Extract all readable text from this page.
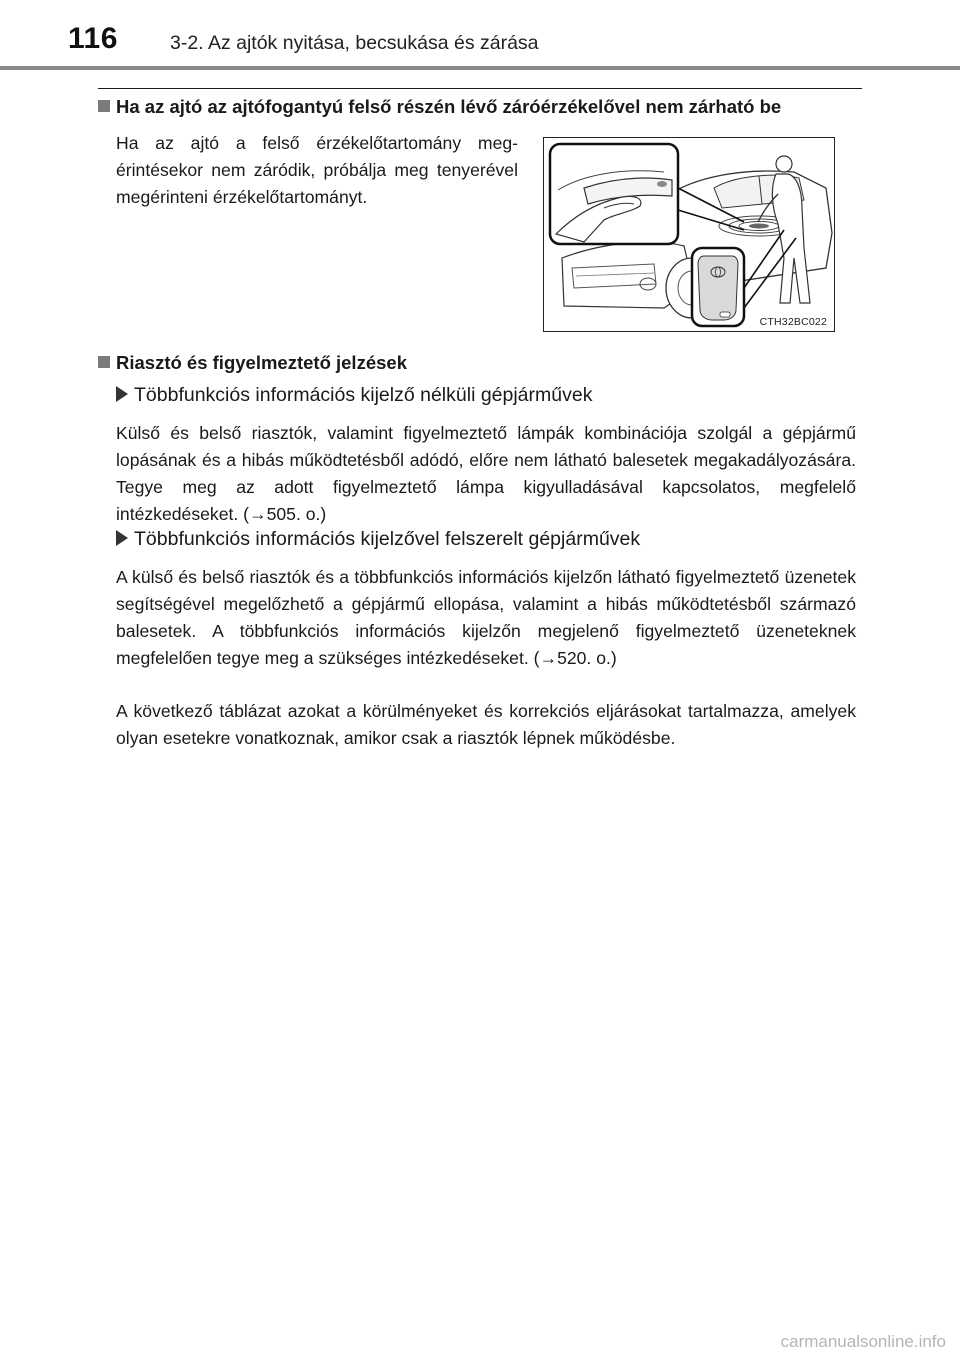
116	3-2. Az ajtók nyitása, becsukása és zárása
Ha az ajtó az ajtófogantyú felső részén lévő záróérzékelővel nem zárható be

Ha az ajtó a felső érzékelőtartomány megérintésekor nem záródik, próbálja meg tenyerével megérinteni érzékelőtartományt.

CTH32BC022
Riasztó és figyelmeztető jelzések
Többfunkciós információs kijelző nélküli gépjárművek

Külső és belső riasztók, valamint figyelmeztető lámpák kombinációja szolgál a gépjármű lopásának és a hibás működtetésből adódó, előre nem látható balesetek megakadályozására. Tegye meg az adott figyelmeztető lámpa kigyulladásával kapcsolatos, megfelelő intézkedéseket. (→505. o.)

Többfunkciós információs kijelzővel felszerelt gépjárművek

A külső és belső riasztók és a többfunkciós információs kijelzőn látható figyelmeztető üzenetek segítségével megelőzhető a gépjármű ellopása, valamint a hibás működtetésből származó balesetek. A többfunkciós információs kijelzőn megjelenő figyelmeztető üzeneteknek megfelelően tegye meg a szükséges intézkedéseket. (→520. o.)

A következő táblázat azokat a körülményeket és korrekciós eljárásokat tartalmazza, amelyek olyan esetekre vonatkoznak, amikor csak a riasztók lépnek működésbe.

carmanualsonline.info
